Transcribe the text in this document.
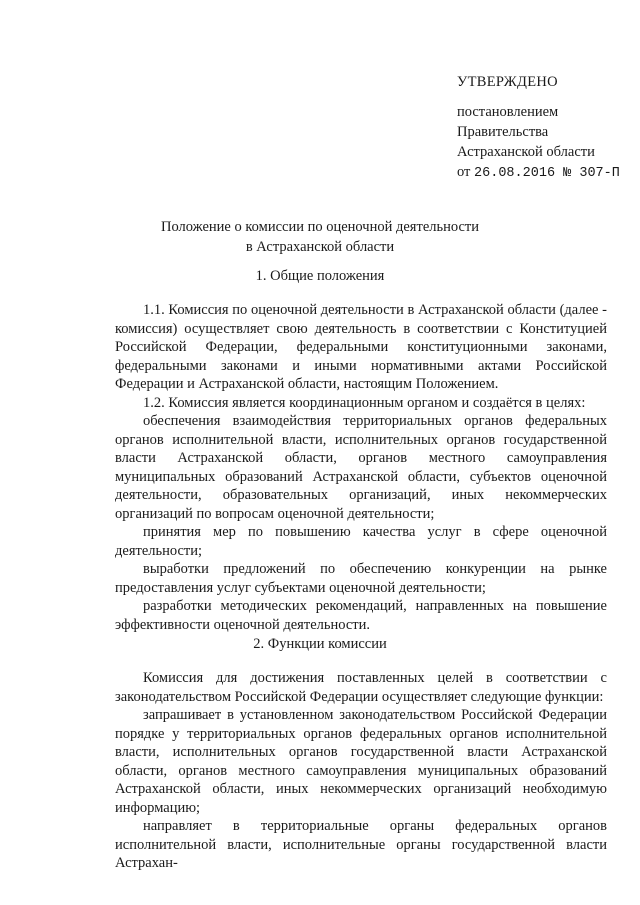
УТВЕРЖДЕНО
постановлением
Правительства
Астраханской области
от 26.08.2016 № 307-П
Положение о комиссии по оценочной деятельности
в Астраханской области
1. Общие положения

1.1. Комиссия по оценочной деятельности в Астраханской области (далее - комиссия) осуществляет свою деятельность в соответствии с Конституцией Российской Федерации, федеральными конституционными законами, федеральными законами и иными нормативными актами Российской Федерации и Астраханской области, настоящим Положением.

1.2. Комиссия является координационным органом и создаётся в целях:

обеспечения взаимодействия территориальных органов федеральных органов исполнительной власти, исполнительных органов государственной власти Астраханской области, органов местного самоуправления муниципальных образований Астраханской области, субъектов оценочной деятельности, образовательных организаций, иных некоммерческих организаций по вопросам оценочной деятельности;

принятия мер по повышению качества услуг в сфере оценочной деятельности;

выработки предложений по обеспечению конкуренции на рынке предоставления услуг субъектами оценочной деятельности;

разработки методических рекомендаций, направленных на повышение эффективности оценочной деятельности.

2. Функции комиссии

Комиссия для достижения поставленных целей в соответствии с законодательством Российской Федерации осуществляет следующие функции:

запрашивает в установленном законодательством Российской Федерации порядке у территориальных органов федеральных органов исполнительной власти, исполнительных органов государственной власти Астраханской области, органов местного самоуправления муниципальных образований Астраханской области, иных некоммерческих организаций необходимую информацию;

направляет в территориальные органы федеральных органов исполнительной власти, исполнительные органы государственной власти Астрахан-
